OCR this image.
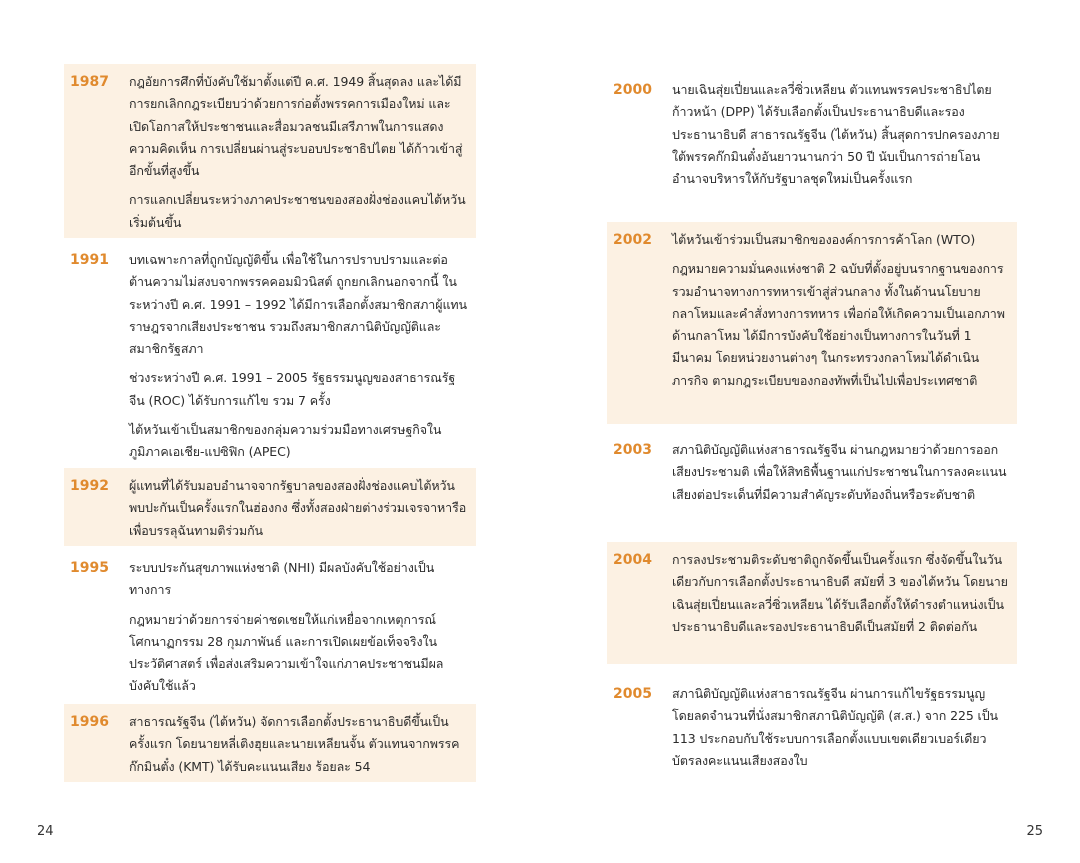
1987 กฎอัยการศึกที่บังคับใช้มาตั้งแต่ปี ค.ศ. 1949 สิ้นสุดลง และได้มีการยกเลิกกฎระเบียบว่าด้วยการก่อตั้งพรรคการเมืองใหม่ และเปิดโอกาสให้ประชาชนและสื่อมวลชนมีเสรีภาพในการแสดงความคิดเห็น การเปลี่ยนผ่านสู่ระบอบประชาธิปไตย ได้ก้าวเข้าสู่อีกขั้นที่สูงขึ้น

การแลกเปลี่ยนระหว่างภาคประชาชนของสองฝั่งช่องแคบไต้หวัน เริ่มต้นขึ้น

1991 บทเฉพาะกาลที่ถูกบัญญัติขึ้น เพื่อใช้ในการปราบปรามและต่อต้านความไม่สงบจากพรรคคอมมิวนิสต์ ถูกยกเลิกนอกจากนี้ ในระหว่างปี ค.ศ. 1991 – 1992 ได้มีการเลือกตั้งสมาชิกสภาผู้แทนราษฎรจากเสียงประชาชน รวมถึงสมาชิกสภานิติบัญญัติและสมาชิกรัฐสภา

ช่วงระหว่างปี ค.ศ. 1991 – 2005 รัฐธรรมนูญของสาธารณรัฐจีน (ROC) ได้รับการแก้ไข รวม 7 ครั้ง

ไต้หวันเข้าเป็นสมาชิกของกลุ่มความร่วมมือทางเศรษฐกิจในภูมิภาคเอเชีย-แปซิฟิก (APEC)

1992 ผู้แทนที่ได้รับมอบอำนาจจากรัฐบาลของสองฝั่งช่องแคบไต้หวัน พบปะกันเป็นครั้งแรกในฮ่องกง ซึ่งทั้งสองฝ่ายต่างร่วมเจรจาหารือ เพื่อบรรลุฉันทามติร่วมกัน

1995 ระบบประกันสุขภาพแห่งชาติ (NHI) มีผลบังคับใช้อย่างเป็นทางการ

กฎหมายว่าด้วยการจ่ายค่าชดเชยให้แก่เหยื่อจากเหตุการณ์โศกนาฏกรรม 28 กุมภาพันธ์ และการเปิดเผยข้อเท็จจริงในประวัติศาสตร์ เพื่อส่งเสริมความเข้าใจแก่ภาคประชาชนมีผลบังคับใช้แล้ว

1996 สาธารณรัฐจีน (ไต้หวัน) จัดการเลือกตั้งประธานาธิบดีขึ้นเป็นครั้งแรก โดยนายหลี่เติงฮุยและนายเหลียนจั้น ตัวแทนจากพรรคก๊กมินตั๋ง (KMT) ได้รับคะแนนเสียง ร้อยละ 54

2000 นายเฉินสุ่ยเปี่ยนและลวี่ซิ่วเหลียน ตัวแทนพรรคประชาธิปไตยก้าวหน้า (DPP) ได้รับเลือกตั้งเป็นประธานาธิบดีและรองประธานาธิบดี สาธารณรัฐจีน (ไต้หวัน) สิ้นสุดการปกครองภายใต้พรรคก๊กมินตั๋งอันยาวนานกว่า 50 ปี นับเป็นการถ่ายโอนอำนาจบริหารให้กับรัฐบาลชุดใหม่เป็นครั้งแรก

2002 ไต้หวันเข้าร่วมเป็นสมาชิกขององค์การการค้าโลก (WTO)

กฎหมายความมั่นคงแห่งชาติ 2 ฉบับที่ตั้งอยู่บนรากฐานของการรวมอำนาจทางการทหารเข้าสู่ส่วนกลาง ทั้งในด้านนโยบายกลาโหมและคำสั่งทางการทหาร เพื่อก่อให้เกิดความเป็นเอกภาพด้านกลาโหม ได้มีการบังคับใช้อย่างเป็นทางการในวันที่ 1 มีนาคม โดยหน่วยงานต่างๆ ในกระทรวงกลาโหมได้ดำเนินภารกิจ ตามกฎระเบียบของกองทัพที่เป็นไปเพื่อประเทศชาติ

2003 สภานิติบัญญัติแห่งสาธารณรัฐจีน ผ่านกฎหมายว่าด้วยการออกเสียงประชามติ เพื่อให้สิทธิพื้นฐานแก่ประชาชนในการลงคะแนนเสียงต่อประเด็นที่มีความสำคัญระดับท้องถิ่นหรือระดับชาติ

2004 การลงประชามติระดับชาติถูกจัดขึ้นเป็นครั้งแรก ซึ่งจัดขึ้นในวันเดียวกับการเลือกตั้งประธานาธิบดี สมัยที่ 3 ของไต้หวัน โดยนายเฉินสุ่ยเปี่ยนและลวี่ซิ่วเหลียน ได้รับเลือกตั้งให้ดำรงตำแหน่งเป็นประธานาธิบดีและรองประธานาธิบดีเป็นสมัยที่ 2 ติดต่อกัน

2005 สภานิติบัญญัติแห่งสาธารณรัฐจีน ผ่านการแก้ไขรัฐธรรมนูญ โดยลดจำนวนที่นั่งสมาชิกสภานิติบัญญัติ (ส.ส.) จาก 225 เป็น 113 ประกอบกับใช้ระบบการเลือกตั้งแบบเขตเดียวเบอร์เดียว บัตรลงคะแนนเสียงสองใบ

24	25
